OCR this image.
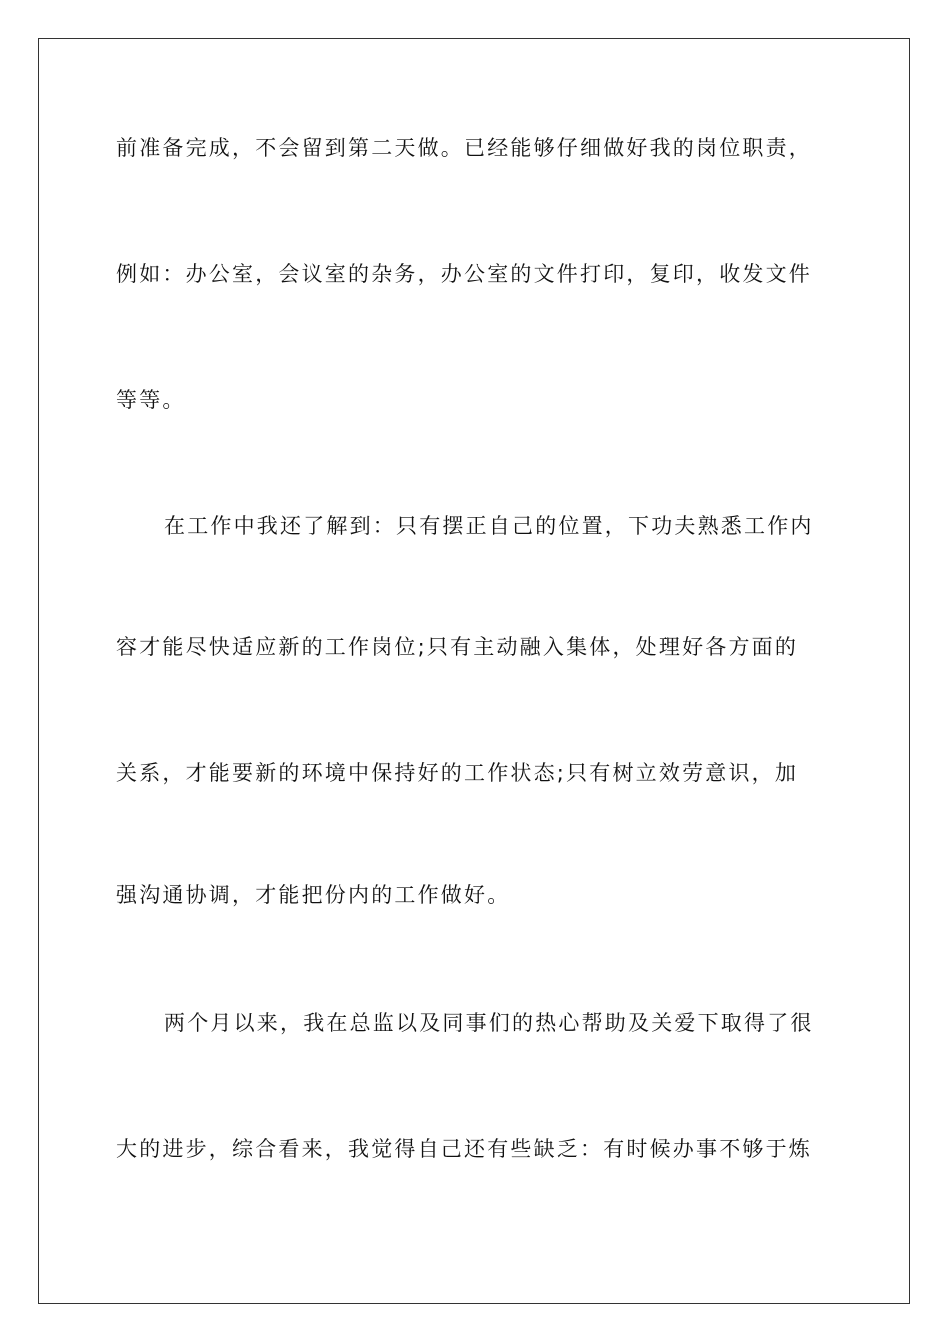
前准备完成，不会留到第二天做。已经能够仔细做好我的岗位职责，
例如：办公室，会议室的杂务，办公室的文件打印，复印，收发文件
等等。
在工作中我还了解到：只有摆正自己的位置，下功夫熟悉工作内
容才能尽快适应新的工作岗位;只有主动融入集体，处理好各方面的
关系，才能要新的环境中保持好的工作状态;只有树立效劳意识，加
强沟通协调，才能把份内的工作做好。
两个月以来，我在总监以及同事们的热心帮助及关爱下取得了很
大的进步，综合看来，我觉得自己还有些缺乏：有时候办事不够于炼
